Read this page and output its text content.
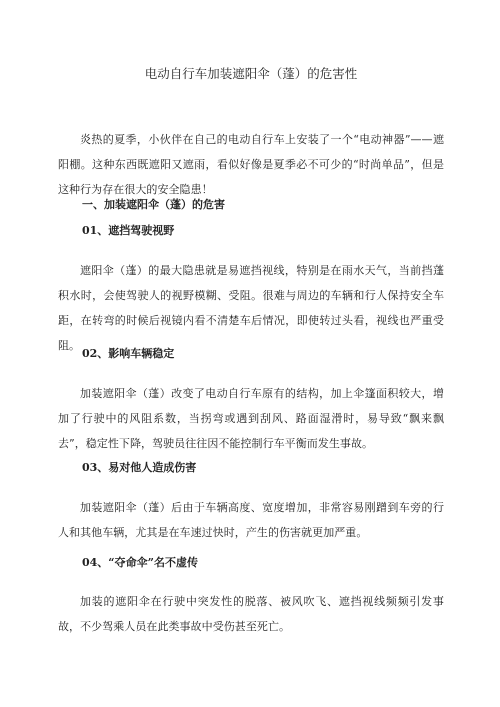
电动自行车加装遮阳伞（蓬）的危害性
炎热的夏季，小伙伴在自己的电动自行车上安装了一个“电动神器”——遮阳棚。这种东西既遮阳又遮雨，看似好像是夏季必不可少的“时尚单品”，但是这种行为存在很大的安全隐患！
一、加装遮阳伞（蓬）的危害
01、遮挡驾驶视野
遮阳伞（蓬）的最大隐患就是易遮挡视线，特别是在雨水天气，当前挡蓬积水时，会使驾驶人的视野模糊、受阻。很难与周边的车辆和行人保持安全车距，在转弯的时候后视镜内看不清楚车后情况，即使转过头看，视线也严重受阻。
02、影响车辆稳定
加装遮阳伞（蓬）改变了电动自行车原有的结构，加上伞篷面积较大，增加了行驶中的风阻系数，当拐弯或遇到刮风、路面湿滑时，易导致“飘来飘去”，稳定性下降，驾驶员往往因不能控制行车平衡而发生事故。
03、易对他人造成伤害
加装遮阳伞（蓬）后由于车辆高度、宽度增加，非常容易刚蹭到车旁的行人和其他车辆，尤其是在车速过快时，产生的伤害就更加严重。
04、“夺命伞”名不虚传
加装的遮阳伞在行驶中突发性的脱落、被风吹飞、遮挡视线频频引发事故，不少驾乘人员在此类事故中受伤甚至死亡。
